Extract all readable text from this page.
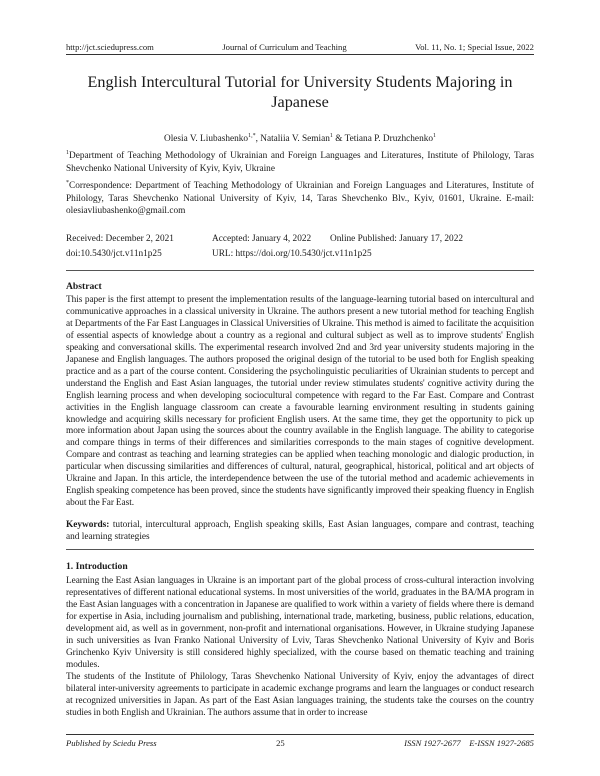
http://jct.sciedupress.com	Journal of Curriculum and Teaching	Vol. 11, No. 1; Special Issue, 2022
English Intercultural Tutorial for University Students Majoring in Japanese
Olesia V. Liubashenko$^{1,*}$, Nataliia V. Semian$^1$ & Tetiana P. Druzhchenko$^1$
$^1$Department of Teaching Methodology of Ukrainian and Foreign Languages and Literatures, Institute of Philology, Taras Shevchenko National University of Kyiv, Kyiv, Ukraine
*Correspondence: Department of Teaching Methodology of Ukrainian and Foreign Languages and Literatures, Institute of Philology, Taras Shevchenko National University of Kyiv, 14, Taras Shevchenko Blv., Kyiv, 01601, Ukraine. E-mail: olesiavliubashenko@gmail.com
Received: December 2, 2021	Accepted: January 4, 2022	Online Published: January 17, 2022
doi:10.5430/jct.v11n1p25	URL: https://doi.org/10.5430/jct.v11n1p25
Abstract
This paper is the first attempt to present the implementation results of the language-learning tutorial based on intercultural and communicative approaches in a classical university in Ukraine. The authors present a new tutorial method for teaching English at Departments of the Far East Languages in Classical Universities of Ukraine. This method is aimed to facilitate the acquisition of essential aspects of knowledge about a country as a regional and cultural subject as well as to improve students' English speaking and conversational skills. The experimental research involved 2nd and 3rd year university students majoring in the Japanese and English languages. The authors proposed the original design of the tutorial to be used both for English speaking practice and as a part of the course content. Considering the psycholinguistic peculiarities of Ukrainian students to percept and understand the English and East Asian languages, the tutorial under review stimulates students' cognitive activity during the English learning process and when developing sociocultural competence with regard to the Far East. Compare and Contrast activities in the English language classroom can create a favourable learning environment resulting in students gaining knowledge and acquiring skills necessary for proficient English users. At the same time, they get the opportunity to pick up more information about Japan using the sources about the country available in the English language. The ability to categorise and compare things in terms of their differences and similarities corresponds to the main stages of cognitive development. Compare and contrast as teaching and learning strategies can be applied when teaching monologic and dialogic production, in particular when discussing similarities and differences of cultural, natural, geographical, historical, political and art objects of Ukraine and Japan. In this article, the interdependence between the use of the tutorial method and academic achievements in English speaking competence has been proved, since the students have significantly improved their speaking fluency in English about the Far East.
Keywords: tutorial, intercultural approach, English speaking skills, East Asian languages, compare and contrast, teaching and learning strategies
1. Introduction
Learning the East Asian languages in Ukraine is an important part of the global process of cross-cultural interaction involving representatives of different national educational systems. In most universities of the world, graduates in the BA/MA program in the East Asian languages with a concentration in Japanese are qualified to work within a variety of fields where there is demand for expertise in Asia, including journalism and publishing, international trade, marketing, business, public relations, education, development aid, as well as in government, non-profit and international organisations. However, in Ukraine studying Japanese in such universities as Ivan Franko National University of Lviv, Taras Shevchenko National University of Kyiv and Boris Grinchenko Kyiv University is still considered highly specialized, with the course based on thematic teaching and training modules.
The students of the Institute of Philology, Taras Shevchenko National University of Kyiv, enjoy the advantages of direct bilateral inter-university agreements to participate in academic exchange programs and learn the languages or conduct research at recognized universities in Japan. As part of the East Asian languages training, the students take the courses on the country studies in both English and Ukrainian. The authors assume that in order to increase
Published by Sciedu Press	25	ISSN 1927-2677    E-ISSN 1927-2685
